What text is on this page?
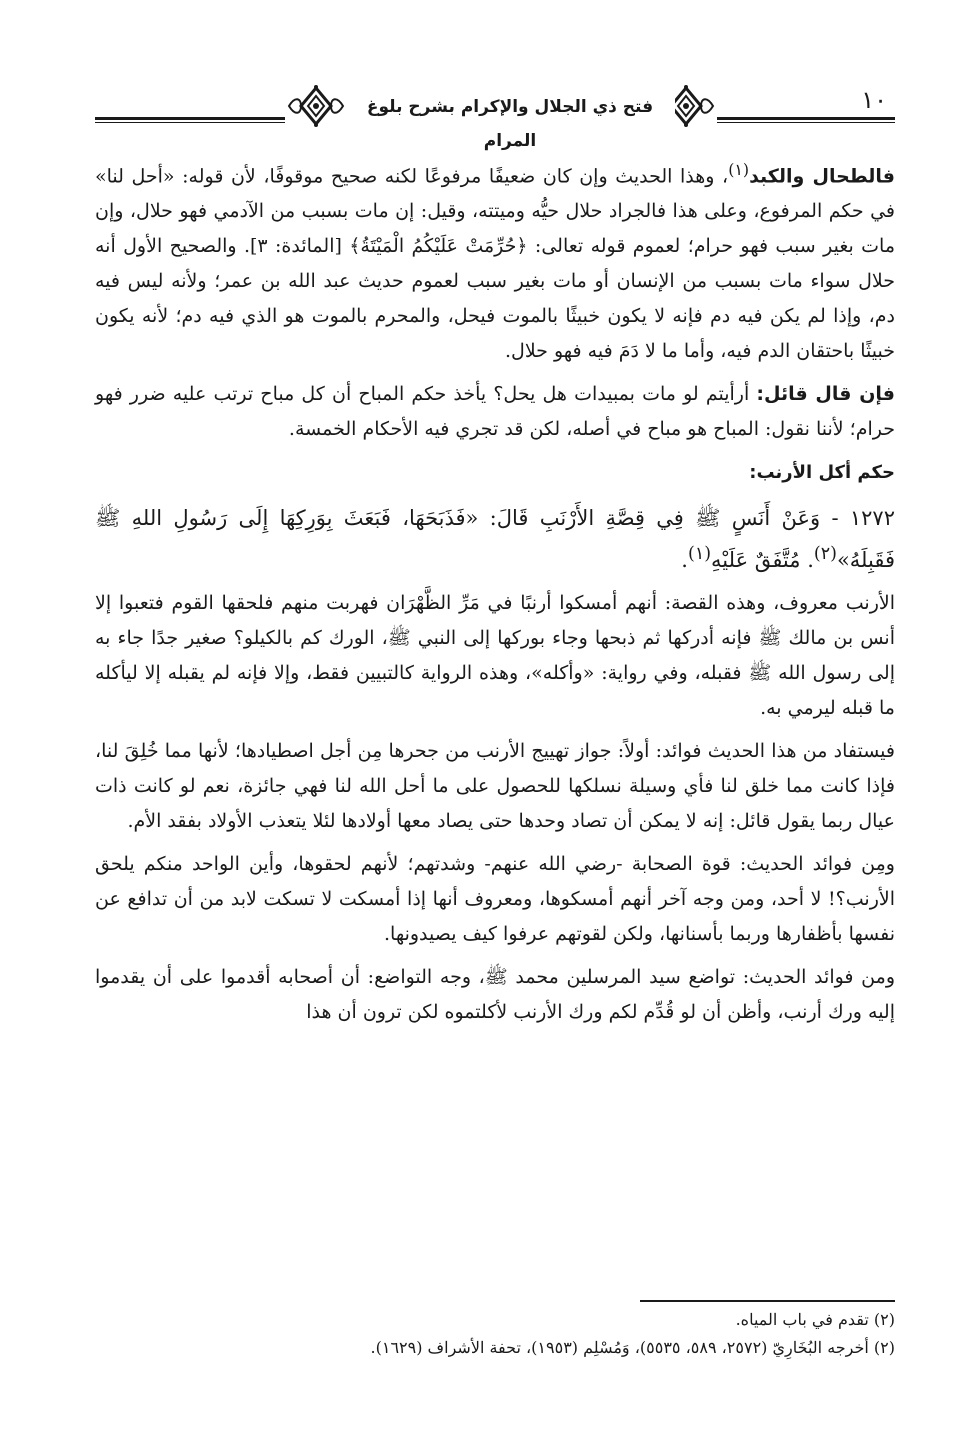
١٠
فتح ذي الجلال والإكرام بشرح بلوغ المرام

فالطحال والكبد$^{(١)}$، وهذا الحديث وإن كان ضعيفًا مرفوعًا لكنه صحيح موقوفًا، لأن قوله: «أحل لنا» في حكم المرفوع، وعلى هذا فالجراد حلال حيُّه وميتته، وقيل: إن مات بسبب من الآدمي فهو حلال، وإن مات بغير سبب فهو حرام؛ لعموم قوله تعالى: ﴿حُرِّمَتْ عَلَيْكُمُ الْمَيْتَةُ﴾ [المائدة: ٣]. والصحيح الأول أنه حلال سواء مات بسبب من الإنسان أو مات بغير سبب لعموم حديث عبد الله بن عمر؛ ولأنه ليس فيه دم، وإذا لم يكن فيه دم فإنه لا يكون خبيثًا بالموت فيحل، والمحرم بالموت هو الذي فيه دم؛ لأنه يكون خبيثًا باحتقان الدم فيه، وأما ما لا دَمَ فيه فهو حلال.

فإن قال قائل: أرأيتم لو مات بمبيدات هل يحل؟ يأخذ حكم المباح أن كل مباح ترتب عليه ضرر فهو حرام؛ لأننا نقول: المباح هو مباح في أصله، لكن قد تجري فيه الأحكام الخمسة.

حكم أكل الأرنب:

١٢٧٢ - وَعَنْ أَنَسٍ ﷺ فِي قِصَّةِ الأَرْنَبِ قَالَ: «فَذَبَحَهَا، فَبَعَثَ بِوَرِكِهَا إِلَى رَسُولِ اللهِ ﷺ فَقَبِلَهُ»$^{(٢)}$. مُتَّفَقٌ عَلَيْهِ$^{(١)}$.

الأرنب معروف، وهذه القصة: أنهم أمسكوا أرنبًا في مَرِّ الظَّهْرَان فهربت منهم فلحقها القوم فتعبوا إلا أنس بن مالك ﷺ فإنه أدركها ثم ذبحها وجاء بوركها إلى النبي ﷺ، الورك كم بالكيلو؟ صغير جدًا جاء به إلى رسول الله ﷺ فقبله، وفي رواية: «وأكله»، وهذه الرواية كالتبيين فقط، وإلا فإنه لم يقبله إلا ليأكله ما قبله ليرمي به.

فيستفاد من هذا الحديث فوائد: أولاً: جواز تهييج الأرنب من جحرها مِن أجل اصطيادها؛ لأنها مما خُلِقَ لنا، فإذا كانت مما خلق لنا فأي وسيلة نسلكها للحصول على ما أحل الله لنا فهي جائزة، نعم لو كانت ذات عيال ربما يقول قائل: إنه لا يمكن أن تصاد وحدها حتى يصاد معها أولادها لئلا يتعذب الأولاد بفقد الأم.

ومِن فوائد الحديث: قوة الصحابة -رضي الله عنهم- وشدتهم؛ لأنهم لحقوها، وأين الواحد منكم يلحق الأرنب؟! لا أحد، ومن وجه آخر أنهم أمسكوها، ومعروف أنها إذا أمسكت لا تسكت لابد من أن تدافع عن نفسها بأظفارها وربما بأسنانها، ولكن لقوتهم عرفوا كيف يصيدونها.

ومن فوائد الحديث: تواضع سيد المرسلين محمد ﷺ، وجه التواضع: أن أصحابه أقدموا على أن يقدموا إليه ورك أرنب، وأظن أن لو قُدِّم لكم ورك الأرنب لأكلتموه لكن ترون أن هذا

(٢) تقدم في باب المياه.
(٢) أخرجه البُخَارِيّ (٢٥٧٢، ٥٨٩، ٥٥٣٥)، وَمُسْلِم (١٩٥٣)، تحفة الأشراف (١٦٢٩).
